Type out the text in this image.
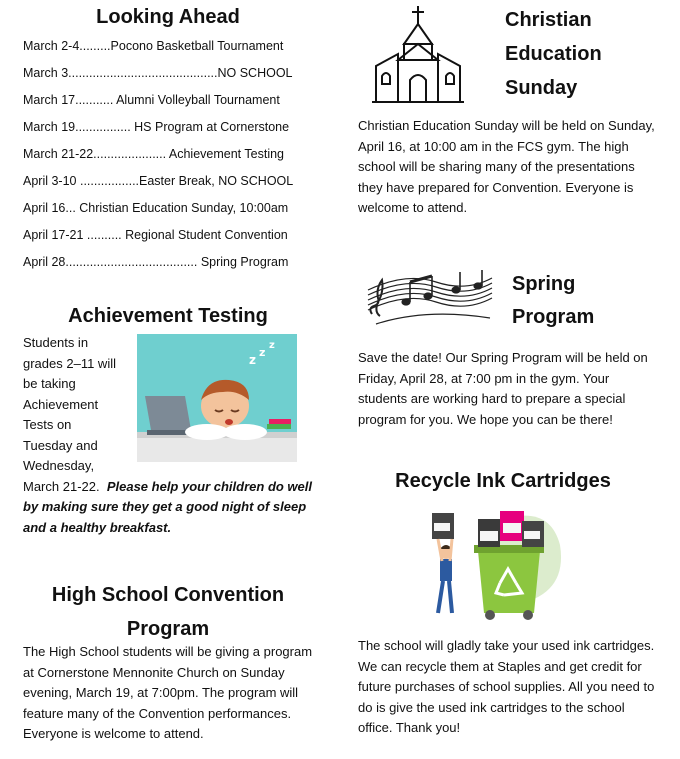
Looking Ahead
March 2-4.........Pocono Basketball Tournament
March 3...........................................NO SCHOOL
March 17........... Alumni Volleyball Tournament
March 19................ HS Program at Cornerstone
March 21-22..................... Achievement Testing
April 3-10 .................Easter Break, NO SCHOOL
April 16... Christian Education Sunday, 10:00am
April 17-21 .......... Regional Student Convention
April 28...................................... Spring Program
Achievement Testing
z
z
z

Students in

grades 2–11 will

be taking

Achievement

Tests on

Tuesday and

Wednesday,

March 21-22. Please help your children do well by making sure they get a good night of sleep and a healthy breakfast.

High School Convention
Program

The High School students will be giving a program at Cornerstone Mennonite Church on Sunday evening, March 19, at 7:00pm. The program will feature many of the Convention performances. Everyone is welcome to attend.

Christian
Education
Sunday

Christian Education Sunday will be held on Sunday, April 16, at 10:00 am in the FCS gym. The high school will be sharing many of the presentations they have prepared for Convention. Everyone is welcome to attend.

Spring
Program

Save the date! Our Spring Program will be held on Friday, April 28, at 7:00 pm in the gym. Your students are working hard to prepare a special program for you. We hope you can be there!

Recycle Ink Cartridges

The school will gladly take your used ink cartridges. We can recycle them at Staples and get credit for future purchases of school supplies. All you need to do is give the used ink cartridges to the school office. Thank you!
